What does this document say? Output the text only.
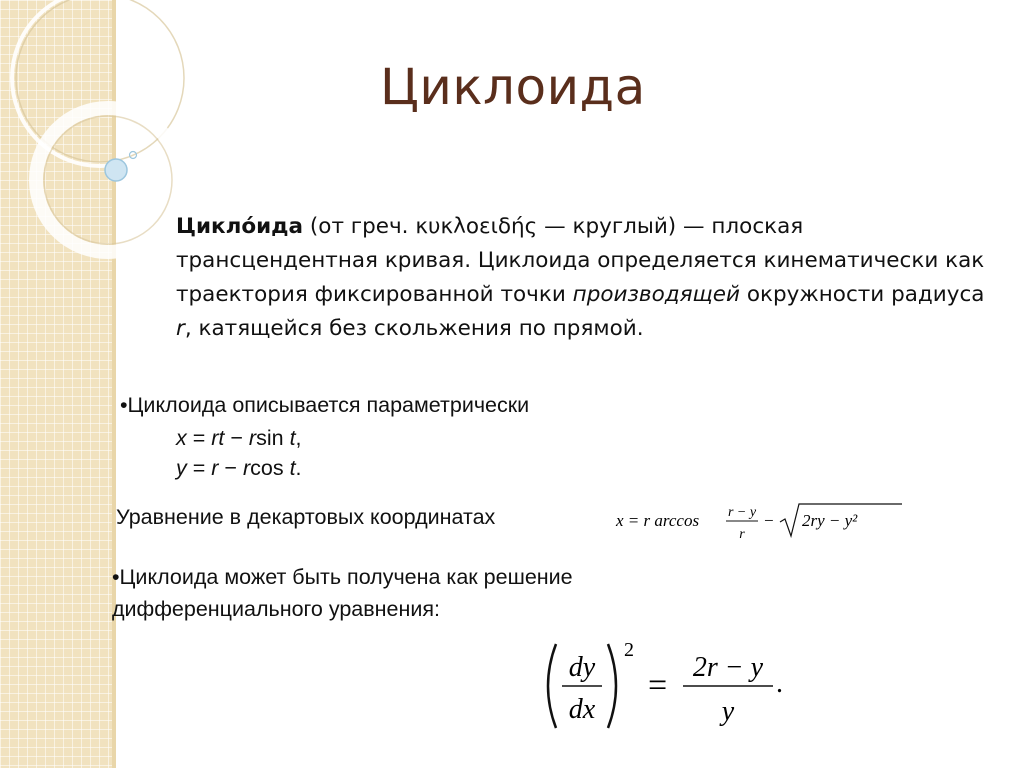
Циклоида
Цикло́ида (от греч. κυκλοειδής — круглый) — плоская трансцендентная кривая. Циклоида определяется кинематически как траектория фиксированной точки производящей окружности радиуса r, катящейся без скольжения по прямой.
•Циклоида описывается параметрически
x = rt − rsin t,
y = r − rcos t.
Уравнение в декартовых координатах	x = r arccos r − y
r
− 2ry − y²
•Циклоида может быть получена как решение дифференциального уравнения:
dy
dx
2
= 2r − y
y
.
